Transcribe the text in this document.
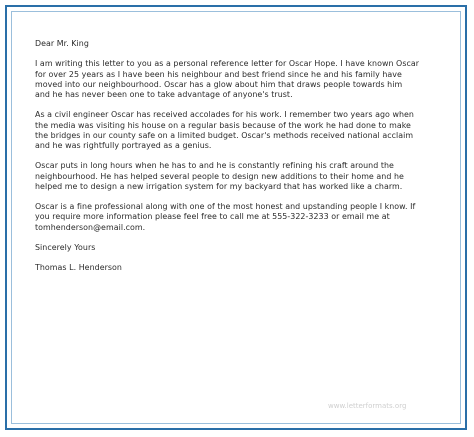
Dear Mr. King

I am writing this letter to you as a personal reference letter for Oscar Hope. I have known Oscar
for over 25 years as I have been his neighbour and best friend since he and his family have
moved into our neighbourhood. Oscar has a glow about him that draws people towards him
and he has never been one to take advantage of anyone's trust.

As a civil engineer Oscar has received accolades for his work. I remember two years ago when
the media was visiting his house on a regular basis because of the work he had done to make
the bridges in our county safe on a limited budget. Oscar's methods received national acclaim
and he was rightfully portrayed as a genius.

Oscar puts in long hours when he has to and he is constantly refining his craft around the
neighbourhood. He has helped several people to design new additions to their home and he
helped me to design a new irrigation system for my backyard that has worked like a charm.

Oscar is a fine professional along with one of the most honest and upstanding people I know. If
you require more information please feel free to call me at 555-322-3233 or email me at
tomhenderson@email.com.

Sincerely Yours

Thomas L. Henderson

www.letterformats.org
